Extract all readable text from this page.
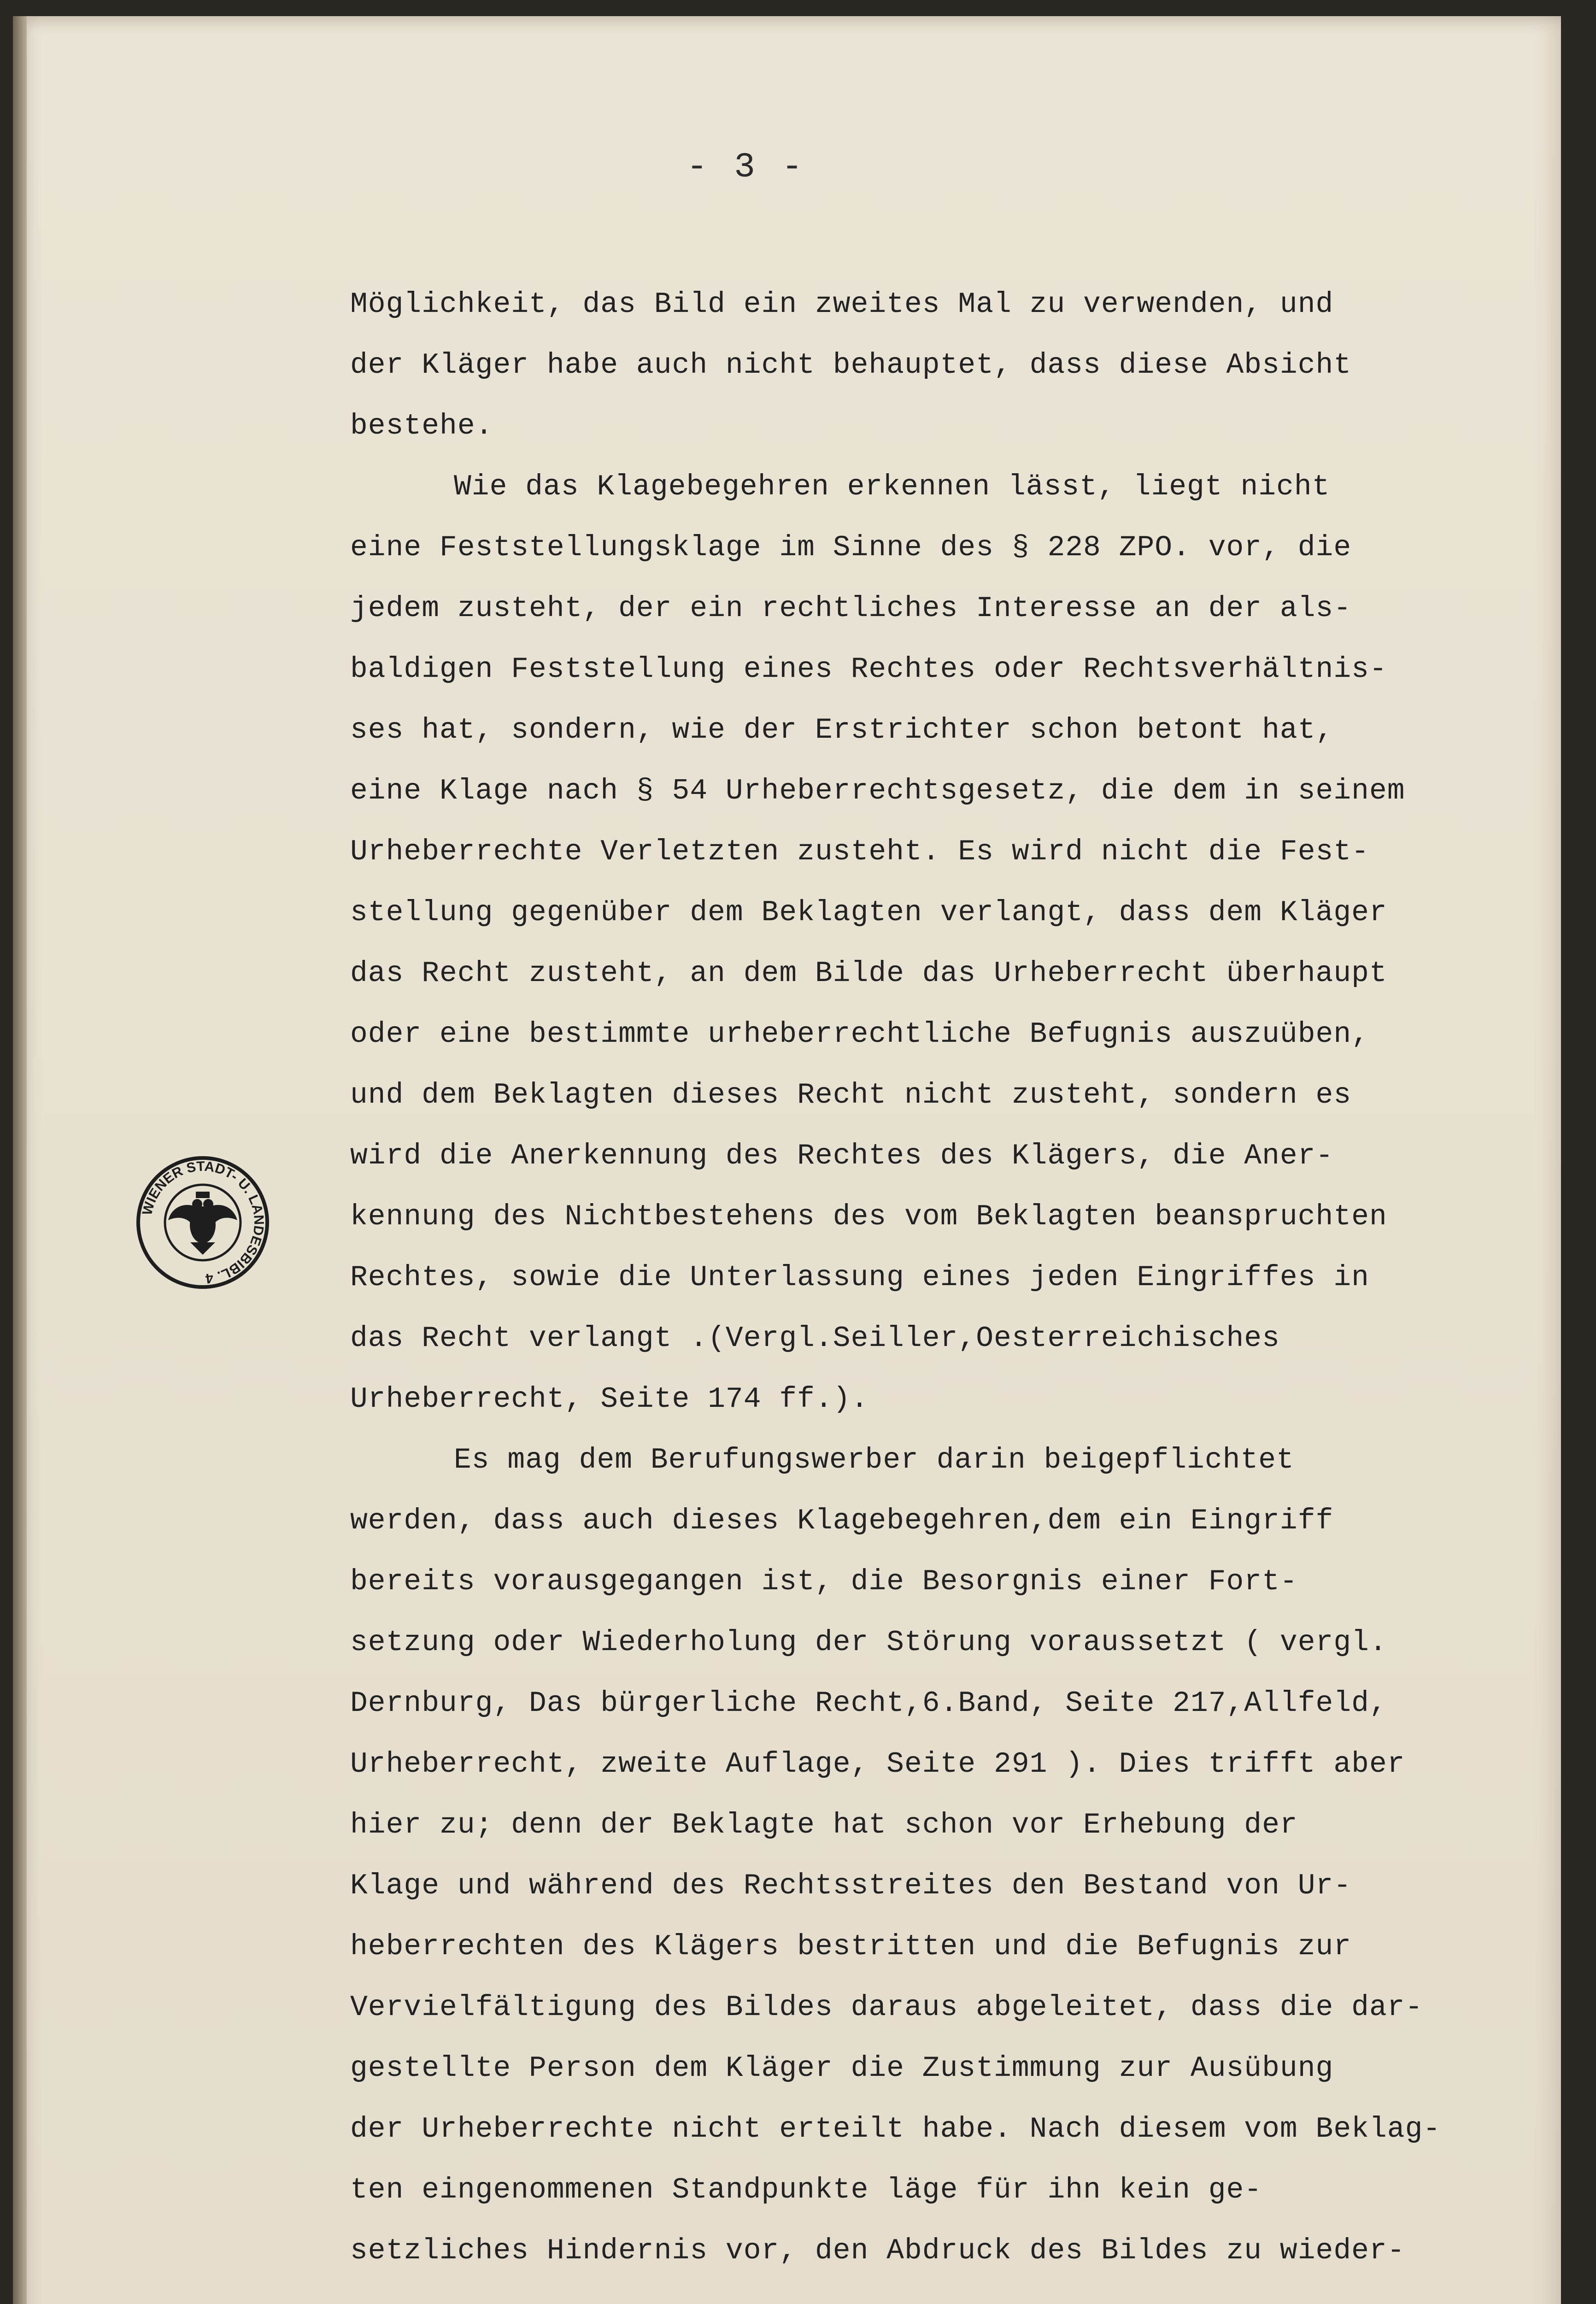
- 3 -
Möglichkeit, das Bild ein zweites Mal zu verwenden, und
der Kläger habe auch nicht behauptet, dass diese Absicht
bestehe.
Wie das Klagebegehren erkennen lässt, liegt nicht
eine Feststellungsklage im Sinne des § 228 ZPO. vor, die
jedem zusteht, der ein rechtliches Interesse an der als-
baldigen Feststellung eines Rechtes oder Rechtsverhältnis-
ses hat, sondern, wie der Erstrichter schon betont hat,
eine Klage nach § 54 Urheberrechtsgesetz, die dem in seinem
Urheberrechte Verletzten zusteht. Es wird nicht die Fest-
stellung gegenüber dem Beklagten verlangt, dass dem Kläger
das Recht zusteht, an dem Bilde das Urheberrecht überhaupt
oder eine bestimmte urheberrechtliche Befugnis auszuüben,
und dem Beklagten dieses Recht nicht zusteht, sondern es
wird die Anerkennung des Rechtes des Klägers, die Aner-
kennung des Nichtbestehens des vom Beklagten beanspruchten
Rechtes, sowie die Unterlassung eines jeden Eingriffes in
das Recht verlangt .(Vergl.Seiller,Oesterreichisches
Urheberrecht, Seite 174 ff.).
Es mag dem Berufungswerber darin beigepflichtet
werden, dass auch dieses Klagebegehren,dem ein Eingriff
bereits vorausgegangen ist, die Besorgnis einer Fort-
setzung oder Wiederholung der Störung voraussetzt ( vergl.
Dernburg, Das bürgerliche Recht,6.Band, Seite 217,Allfeld,
Urheberrecht, zweite Auflage, Seite 291 ). Dies trifft aber
hier zu; denn der Beklagte hat schon vor Erhebung der
Klage und während des Rechtsstreites den Bestand von Ur-
heberrechten des Klägers bestritten und die Befugnis zur
Vervielfältigung des Bildes daraus abgeleitet, dass die dar-
gestellte Person dem Kläger die Zustimmung zur Ausübung
der Urheberrechte nicht erteilt habe. Nach diesem vom Beklag-
ten eingenommenen Standpunkte läge für ihn kein ge-
setzliches Hindernis vor, den Abdruck des Bildes zu wieder-
WIENER STADT- U. LANDESBIBL. 4
